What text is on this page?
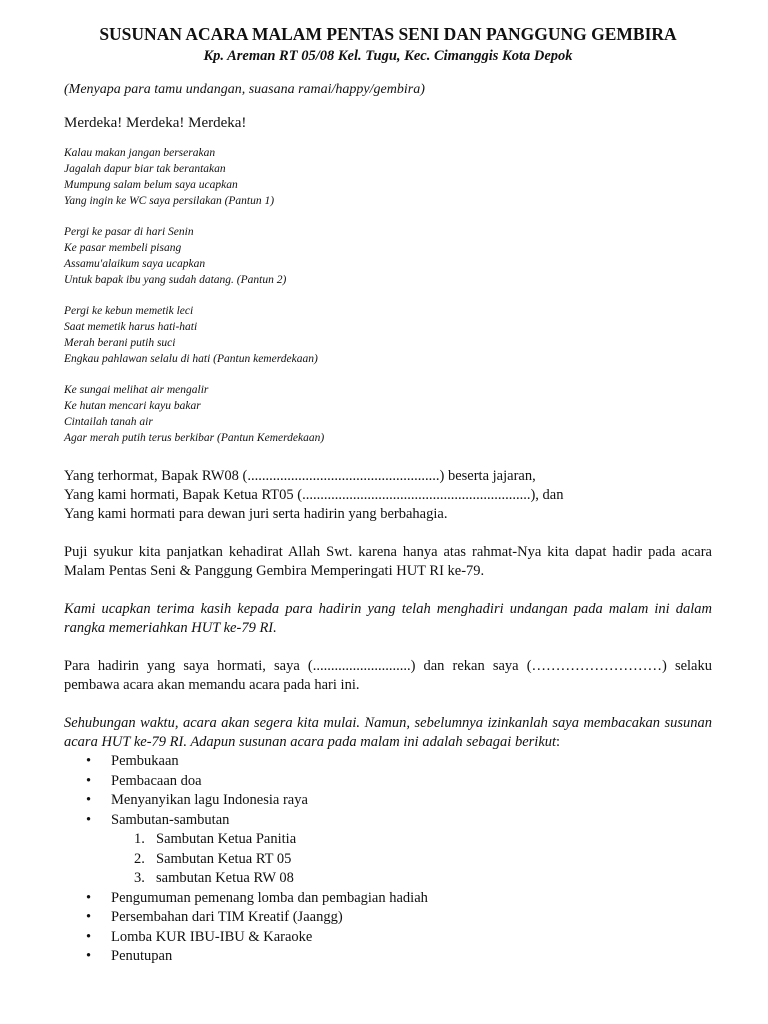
SUSUNAN ACARA MALAM PENTAS SENI DAN PANGGUNG GEMBIRA

Kp. Areman RT 05/08 Kel. Tugu, Kec. Cimanggis Kota Depok

(Menyapa para tamu undangan, suasana ramai/happy/gembira)

Merdeka! Merdeka! Merdeka!

Kalau makan jangan berserakan
Jagalah dapur biar tak berantakan
Mumpung salam belum saya ucapkan
Yang ingin ke WC saya persilakan (Pantun 1)
Pergi ke pasar di hari Senin
Ke pasar membeli pisang
Assamu'alaikum saya ucapkan
Untuk bapak ibu yang sudah datang. (Pantun 2)
Pergi ke kebun memetik leci
Saat memetik harus hati-hati
Merah berani putih suci
Engkau pahlawan selalu di hati (Pantun kemerdekaan)
Ke sungai melihat air mengalir
Ke hutan mencari kayu bakar
Cintailah tanah air
Agar merah putih terus berkibar (Pantun Kemerdekaan)
Yang terhormat, Bapak RW08 (.....................................................) beserta jajaran,
Yang kami hormati, Bapak Ketua RT05 (...............................................................), dan
Yang kami hormati para dewan juri serta hadirin yang berbahagia.

Puji syukur kita panjatkan kehadirat Allah Swt. karena hanya atas rahmat-Nya kita dapat hadir pada acara Malam Pentas Seni & Panggung Gembira Memperingati HUT RI ke-79.

Kami ucapkan terima kasih kepada para hadirin yang telah menghadiri undangan pada malam ini dalam rangka memeriahkan HUT ke-79 RI.

Para hadirin yang saya hormati, saya (...........................) dan rekan saya (………………………) selaku pembawa acara akan memandu acara pada hari ini.

Sehubungan waktu, acara akan segera kita mulai. Namun, sebelumnya izinkanlah saya membacakan susunan acara HUT ke-79 RI. Adapun susunan acara pada malam ini adalah sebagai berikut:

• Pembukaan
• Pembacaan doa
• Menyanyikan lagu Indonesia raya
• Sambutan-sambutan
1. Sambutan Ketua Panitia
2. Sambutan Ketua RT 05
3. sambutan Ketua RW 08
• Pengumuman pemenang lomba dan pembagian hadiah
• Persembahan dari TIM Kreatif (Jaangg)
• Lomba KUR IBU-IBU & Karaoke
• Penutupan
